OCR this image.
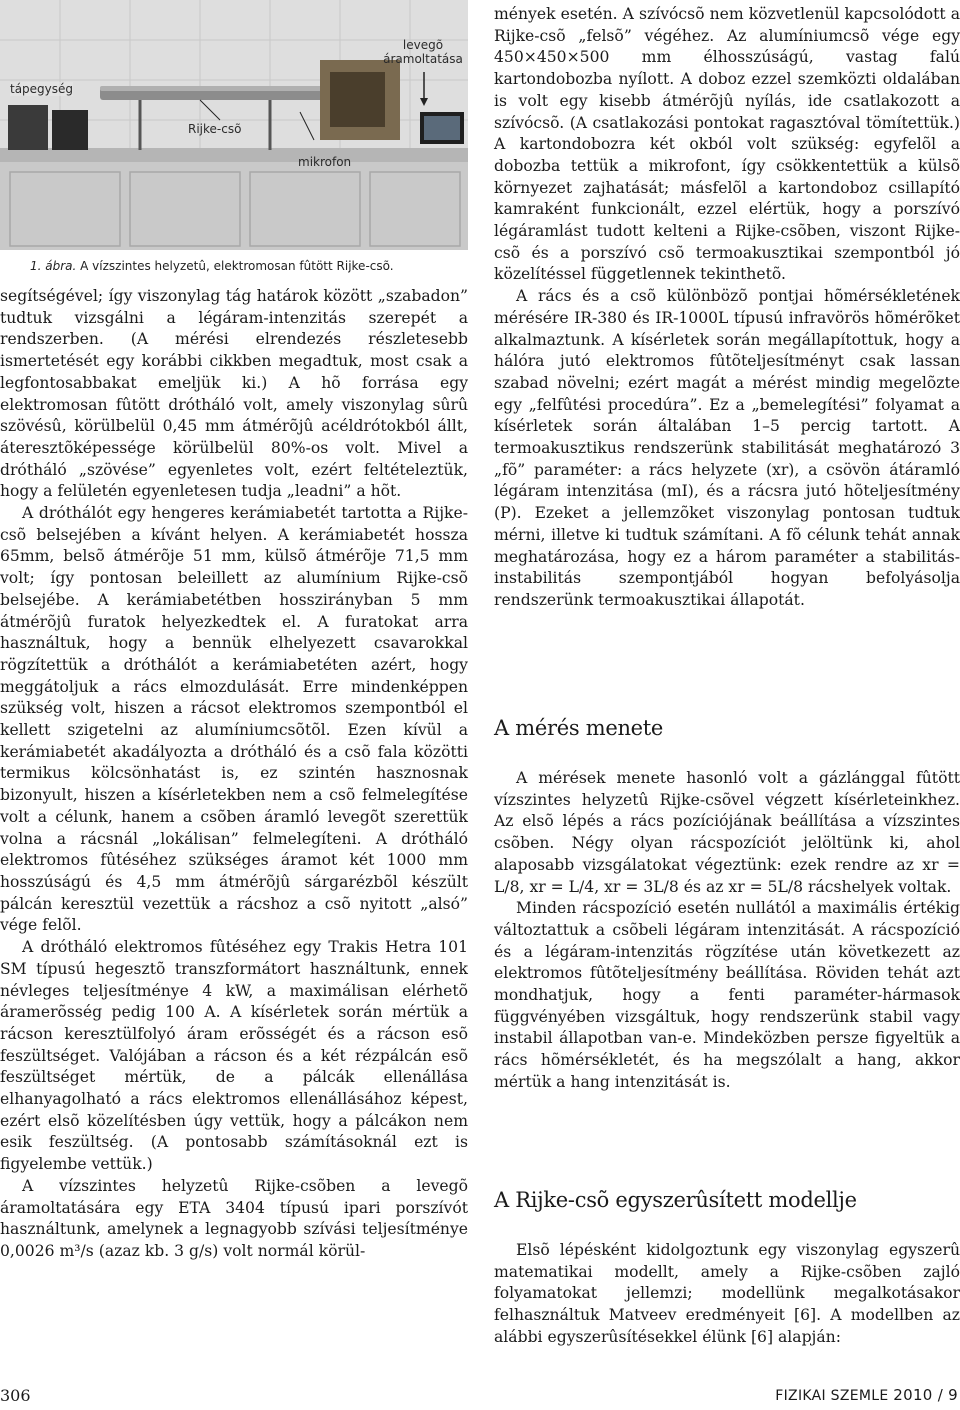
tápegység
levegõ áramoltatása
Rijke-csõ
mikrofon
1. ábra. A vízszintes helyzetû, elektromosan fûtött Rijke-csõ.

segítségével; így viszonylag tág határok között „szabadon” tudtuk vizsgálni a légáram-intenzitás szerepét a rendszerben. (A mérési elrendezés részletesebb ismertetését egy korábbi cikkben megadtuk, most csak a legfontosabbakat emeljük ki.) A hõ forrása egy elektromosan fûtött drótháló volt, amely viszonylag sûrû szövésû, körülbelül 0,45 mm átmérõjû acéldrótokból állt, áteresztõképessége körülbelül 80%-os volt. Mivel a drótháló „szövése” egyenletes volt, ezért feltételeztük, hogy a felületén egyenletesen tudja „leadni” a hõt.

A dróthálót egy hengeres kerámiabetét tartotta a Rijke-csõ belsejében a kívánt helyen. A kerámiabetét hossza 65mm, belsõ átmérõje 51 mm, külsõ átmérõje 71,5 mm volt; így pontosan beleillett az alumínium Rijke-csõ belsejébe. A kerámiabetétben hosszirányban 5 mm átmérõjû furatok helyezkedtek el. A furatokat arra használtuk, hogy a bennük elhelyezett csavarokkal rögzítettük a dróthálót a kerámiabetéten azért, hogy meggátoljuk a rács elmozdulását. Erre mindenképpen szükség volt, hiszen a rácsot elektromos szempontból el kellett szigetelni az alumíniumcsõtõl. Ezen kívül a kerámiabetét akadályozta a drótháló és a csõ fala közötti termikus kölcsönhatást is, ez szintén hasznosnak bizonyult, hiszen a kísérletekben nem a csõ felmelegítése volt a célunk, hanem a csõben áramló levegõt szerettük volna a rácsnál „lokálisan” felmelegíteni. A drótháló elektromos fûtéséhez szükséges áramot két 1000 mm hosszúságú és 4,5 mm átmérõjû sárgarézbõl készült pálcán keresztül vezettük a rácshoz a csõ nyitott „alsó” vége felõl.

A drótháló elektromos fûtéséhez egy Trakis Hetra 101 SM típusú hegesztõ transzformátort használtunk, ennek névleges teljesítménye 4 kW, a maximálisan elérhetõ áramerõsség pedig 100 A. A kísérletek során mértük a rácson keresztülfolyó áram erõsségét és a rácson esõ feszültséget. Valójában a rácson és a két rézpálcán esõ feszültséget mértük, de a pálcák ellenállása elhanyagolható a rács elektromos ellenállásához képest, ezért elsõ közelítésben úgy vettük, hogy a pálcákon nem esik feszültség. (A pontosabb számításoknál ezt is figyelembe vettük.)

A vízszintes helyzetû Rijke-csõben a levegõ áramoltatására egy ETA 3404 típusú ipari porszívót használtunk, amelynek a legnagyobb szívási teljesítménye 0,0026 m³/s (azaz kb. 3 g/s) volt normál körül-

mények esetén. A szívócsõ nem közvetlenül kapcsolódott a Rijke-csõ „felsõ” végéhez. Az alumíniumcsõ vége egy 450×450×500 mm élhosszúságú, vastag falú kartondobozba nyílott. A doboz ezzel szemközti oldalában is volt egy kisebb átmérõjû nyílás, ide csatlakozott a szívócsõ. (A csatlakozási pontokat ragasztóval tömítettük.) A kartondobozra két okból volt szükség: egyfelõl a dobozba tettük a mikrofont, így csökkentettük a külsõ környezet zajhatását; másfelõl a kartondoboz csillapító kamraként funkcionált, ezzel elértük, hogy a porszívó légáramlást tudott kelteni a Rijke-csõben, viszont Rijke-csõ és a porszívó csõ termoakusztikai szempontból jó közelítéssel függetlennek tekinthetõ.

A rács és a csõ különbözõ pontjai hõmérsékletének mérésére IR-380 és IR-1000L típusú infravörös hõmérõket alkalmaztunk. A kísérletek során megállapítottuk, hogy a hálóra jutó elektromos fûtõteljesítményt csak lassan szabad növelni; ezért magát a mérést mindig megelõzte egy „felfûtési procedúra”. Ez a „bemelegítési” folyamat a kísérletek során általában 1–5 percig tartott. A termoakusztikus rendszerünk stabilitását meghatározó 3 „fõ” paraméter: a rács helyzete (xr), a csövön átáramló légáram intenzitása (mI), és a rácsra jutó hõteljesítmény (P). Ezeket a jellemzõket viszonylag pontosan tudtuk mérni, illetve ki tudtuk számítani. A fõ célunk tehát annak meghatározása, hogy ez a három paraméter a stabilitás-instabilitás szempontjából hogyan befolyásolja rendszerünk termoakusztikai állapotát.

A mérés menete

A mérések menete hasonló volt a gázlánggal fûtött vízszintes helyzetû Rijke-csõvel végzett kísérleteinkhez. Az elsõ lépés a rács pozíciójának beállítása a vízszintes csõben. Négy olyan rácspozíciót jelöltünk ki, ahol alaposabb vizsgálatokat végeztünk: ezek rendre az xr = L/8, xr = L/4, xr = 3L/8 és az xr = 5L/8 rácshelyek voltak.

Minden rácspozíció esetén nullától a maximális értékig változtattuk a csõbeli légáram intenzitását. A rácspozíció és a légáram-intenzitás rögzítése után következett az elektromos fûtõteljesítmény beállítása. Röviden tehát azt mondhatjuk, hogy a fenti paraméter-hármasok függvényében vizsgáltuk, hogy rendszerünk stabil vagy instabil állapotban van-e. Mindeközben persze figyeltük a rács hõmérsékletét, és ha megszólalt a hang, akkor mértük a hang intenzitását is.

A Rijke-csõ egyszerûsített modellje

Elsõ lépésként kidolgoztunk egy viszonylag egyszerû matematikai modellt, amely a Rijke-csõben zajló folyamatokat jellemzi; modellünk megalkotásakor felhasználtuk Matveev eredményeit [6]. A modellben az alábbi egyszerûsítésekkel élünk [6] alapján:

306	FIZIKAI SZEMLE 2010 / 9
